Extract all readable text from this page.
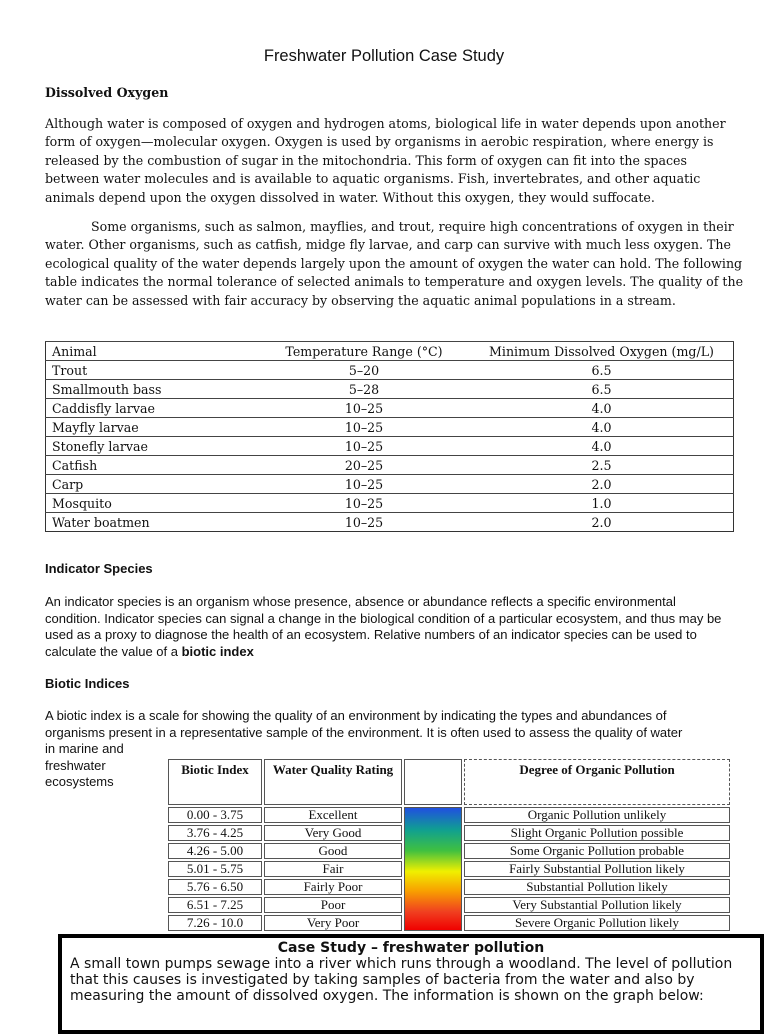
Freshwater Pollution Case Study
Dissolved Oxygen
Although water is composed of oxygen and hydrogen atoms, biological life in water depends upon another form of oxygen—molecular oxygen. Oxygen is used by organisms in aerobic respiration, where energy is released by the combustion of sugar in the mitochondria. This form of oxygen can fit into the spaces between water molecules and is available to aquatic organisms. Fish, invertebrates, and other aquatic animals depend upon the oxygen dissolved in water. Without this oxygen, they would suffocate.
Some organisms, such as salmon, mayflies, and trout, require high concentrations of oxygen in their water. Other organisms, such as catfish, midge fly larvae, and carp can survive with much less oxygen. The ecological quality of the water depends largely upon the amount of oxygen the water can hold. The following table indicates the normal tolerance of selected animals to temperature and oxygen levels. The quality of the water can be assessed with fair accuracy by observing the aquatic animal populations in a stream.
Animal	Temperature Range (°C)	Minimum Dissolved Oxygen (mg/L)
Trout	5–20	6.5
Smallmouth bass	5–28	6.5
Caddisfly larvae	10–25	4.0
Mayfly larvae	10–25	4.0
Stonefly larvae	10–25	4.0
Catfish	20–25	2.5
Carp	10–25	2.0
Mosquito	10–25	1.0
Water boatmen	10–25	2.0
Indicator Species
An indicator species is an organism whose presence, absence or abundance reflects a specific environmental condition. Indicator species can signal a change in the biological condition of a particular ecosystem, and thus may be used as a proxy to diagnose the health of an ecosystem. Relative numbers of an indicator species can be used to calculate the value of a biotic index
Biotic Indices
A biotic index is a scale for showing the quality of an environment by indicating the types and abundances of organisms present in a representative sample of the environment. It is often used to assess the quality of water
in marine and freshwater ecosystems
Biotic Index	Water Quality Rating		Degree of Organic Pollution
0.00 - 3.75	Excellent		Organic Pollution unlikely
3.76 - 4.25	Very Good		Slight Organic Pollution possible
4.26 - 5.00	Good		Some Organic Pollution probable
5.01 - 5.75	Fair		Fairly Substantial Pollution likely
5.76 - 6.50	Fairly Poor		Substantial Pollution likely
6.51 - 7.25	Poor		Very Substantial Pollution likely
7.26 - 10.0	Very Poor		Severe Organic Pollution likely
Case Study – freshwater pollution
A small town pumps sewage into a river which runs through a woodland. The level of pollution that this causes is investigated by taking samples of bacteria from the water and also by measuring the amount of dissolved oxygen. The information is shown on the graph below:
